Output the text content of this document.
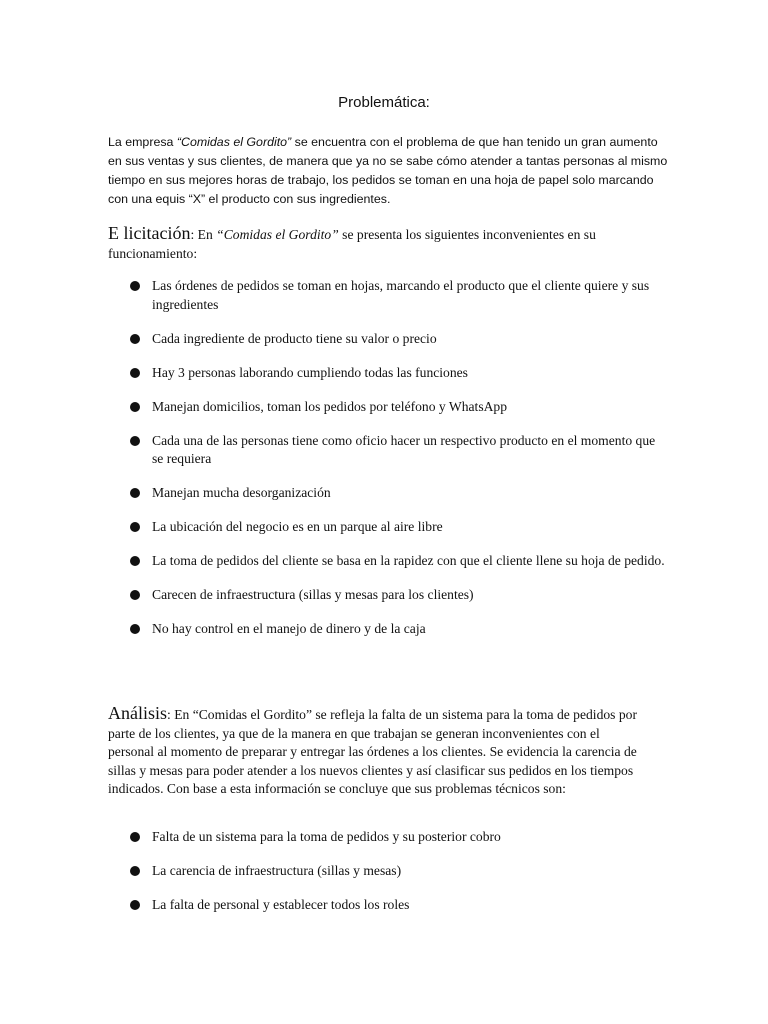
Problemática:
La empresa “Comidas el Gordito” se encuentra con el problema de que han tenido un gran aumento en sus ventas y sus clientes, de manera que ya no se sabe cómo atender a tantas personas al mismo tiempo en sus mejores horas de trabajo, los pedidos se toman en una hoja de papel solo marcando con una equis “X” el producto con sus ingredientes.
E licitación: En “Comidas el Gordito” se presenta los siguientes inconvenientes en su funcionamiento:
Las órdenes de pedidos se toman en hojas, marcando el producto que el cliente quiere y sus ingredientes
Cada ingrediente de producto tiene su valor o precio
Hay 3 personas laborando cumpliendo todas las funciones
Manejan domicilios, toman los pedidos por teléfono y WhatsApp
Cada una de las personas tiene como oficio hacer un respectivo producto en el momento que se requiera
Manejan mucha desorganización
La ubicación del negocio es en un parque al aire libre
La toma de pedidos del cliente se basa en la rapidez con que el cliente llene su hoja de pedido.
Carecen de infraestructura (sillas y mesas para los clientes)
No hay control en el manejo de dinero y de la caja
Análisis: En “Comidas el Gordito” se refleja la falta de un sistema para la toma de pedidos por parte de los clientes, ya que de la manera en que trabajan se generan inconvenientes con el personal al momento de preparar y entregar las órdenes a los clientes. Se evidencia la carencia de sillas y mesas para poder atender a los nuevos clientes y así clasificar sus pedidos en los tiempos indicados. Con base a esta información se concluye que sus problemas técnicos son:
Falta de un sistema para la toma de pedidos y su posterior cobro
La carencia de infraestructura (sillas y mesas)
La falta de personal y establecer todos los roles
